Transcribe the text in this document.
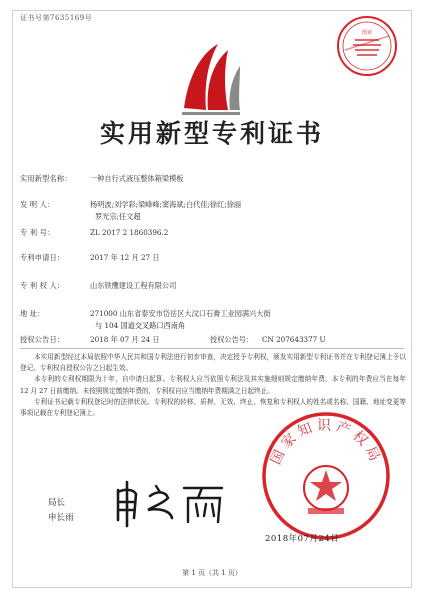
证书号第7635169号
图章
实用新型专利证书
实用新型名称：	一种自行式液压整体箱梁模板
发 明 人：	杨明波;刘学彩;梁峰峰;窦海斌;白代佳;徐红;徐丽
罗光宗;任文超
专 利 号：	ZL 2017 2 1860396.2
专利申请日：	2017 年 12 月 27 日
专 利 权 人：	山东铁鹰建设工程有限公司
地 址：	271000 山东省泰安市岱岳区大汶口石膏工业园满兴大街
与 104 国道交叉路口西南角
授权公告日：	2018 年 07 月 24 日	授权公告号： CN 207643377 U

本实用新型经过本局依照中华人民共和国专利法进行初步审查，决定授予专利权，颁发实用新型专利证书并在专利登记簿上予以登记。专利权自授权公告之日起生效。

本专利的专利权期限为十年，自申请日起算。专利权人应当依照专利法及其实施细则规定缴纳年费。本专利的年费应当在每年 12 月 27 日前缴纳。未按照规定缴纳年费的，专利权自应当缴纳年费期满之日起终止。

专利证书记载专利权登记时的法律状况。专利权的转移、质押、无效、终止、恢复和专利权人的姓名或名称、国籍、地址变更等事项记载在专利登记簿上。

局长
申长雨
国家知识产权局
2018年07月24日
第 1 页（共 1 页）
